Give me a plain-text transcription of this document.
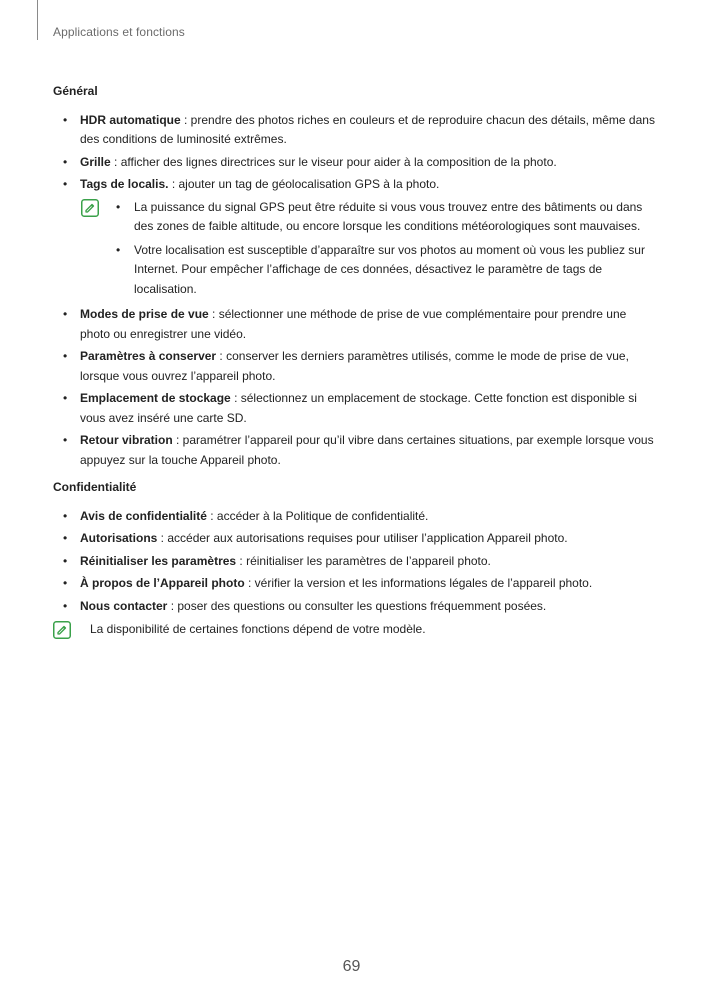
Applications et fonctions
Général
• HDR automatique : prendre des photos riches en couleurs et de reproduire chacun des détails, même dans des conditions de luminosité extrêmes.
• Grille : afficher des lignes directrices sur le viseur pour aider à la composition de la photo.
• Tags de localis. : ajouter un tag de géolocalisation GPS à la photo.
• La puissance du signal GPS peut être réduite si vous vous trouvez entre des bâtiments ou dans des zones de faible altitude, ou encore lorsque les conditions météorologiques sont mauvaises.
• Votre localisation est susceptible d’apparaître sur vos photos au moment où vous les publiez sur Internet. Pour empêcher l’affichage de ces données, désactivez le paramètre de tags de localisation.
• Modes de prise de vue : sélectionner une méthode de prise de vue complémentaire pour prendre une photo ou enregistrer une vidéo.
• Paramètres à conserver : conserver les derniers paramètres utilisés, comme le mode de prise de vue, lorsque vous ouvrez l’appareil photo.
• Emplacement de stockage : sélectionnez un emplacement de stockage. Cette fonction est disponible si vous avez inséré une carte SD.
• Retour vibration : paramétrer l’appareil pour qu’il vibre dans certaines situations, par exemple lorsque vous appuyez sur la touche Appareil photo.
Confidentialité
• Avis de confidentialité : accéder à la Politique de confidentialité.
• Autorisations : accéder aux autorisations requises pour utiliser l’application Appareil photo.
• Réinitialiser les paramètres : réinitialiser les paramètres de l’appareil photo.
• À propos de l’Appareil photo : vérifier la version et les informations légales de l’appareil photo.
• Nous contacter : poser des questions ou consulter les questions fréquemment posées.
La disponibilité de certaines fonctions dépend de votre modèle.
69
